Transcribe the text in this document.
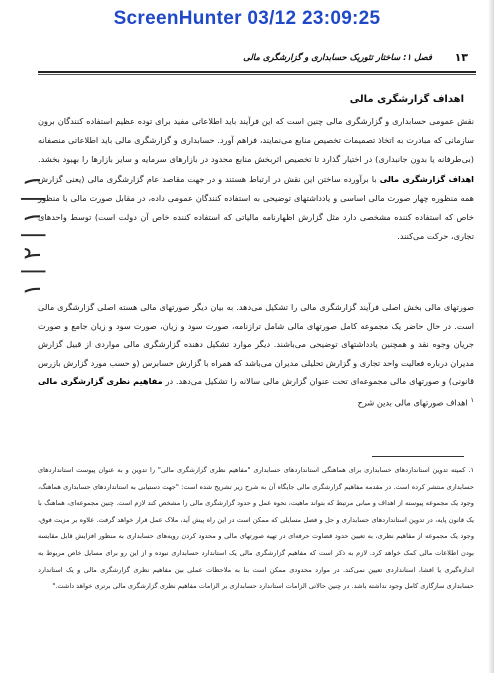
ScreenHunter 03/12 23:09:25
۱۳
فصل ۱: ساختار تئوریک حسابداری و گزارشگری مالی
اهداف گزارشگری مالی
نقش عمومی حسابداری و گزارشگری مالی چنین است که این فرآیند باید اطلاعاتی مفید برای توده عظیم استفاده کنندگان برون سازمانی که مبادرت به اتخاذ تصمیمات تخصیص منابع می‌نمایند، فراهم آورد. حسابداری و گزارشگری مالی باید اطلاعاتی منصفانه (بی‌طرفانه یا بدون جانبداری) در اختیار گذارد تا تخصیص اثربخش منابع محدود در بازارهای سرمایه و سایر بازارها را بهبود بخشد. اهداف گزارشگری مالی با برآورده ساختن این نقش در ارتباط هستند و در جهت مقاصد عام گزارشگری مالی (یعنی گزارش همه منظوره چهار صورت مالی اساسی و یادداشتهای توضیحی به استفاده کنندگان عمومی داده، در مقابل صورت مالی با منظور خاص که استفاده کننده مشخصی دارد مثل گزارش اظهارنامه مالیاتی که استفاده کننده خاص آن دولت است) توسط واحدهای تجاری، حرکت می‌کنند.
صورتهای مالی بخش اصلی فرآیند گزارشگری مالی را تشکیل می‌دهد. به بیان دیگر صورتهای مالی هسته اصلی گزارشگری مالی است. در حال حاضر یک مجموعه کامل صورتهای مالی شامل ترازنامه، صورت سود و زیان، صورت سود و زیان جامع و صورت جریان وجوه نقد و همچنین یادداشتهای توضیحی می‌باشند. دیگر موارد تشکیل دهنده گزارشگری مالی مواردی از قبیل گزارش مدیران درباره فعالیت واحد تجاری و گزارش تحلیلی مدیران می‌باشد که همراه با گزارش حسابرس (و حسب مورد گزارش بازرس قانونی) و صورتهای مالی مجموعه‌ای تحت عنوان گزارش مالی سالانه را تشکیل می‌دهد. در مفاهیم نظری گزارشگری مالی $^۱$ اهداف صورتهای مالی بدین شرح
۱. کمیته تدوین استانداردهای حسابداری برای هماهنگی استانداردهای حسابداری "مفاهیم نظری گزارشگری مالی" را تدوین و به عنوان پیوست استانداردهای حسابداری منتشر کرده است. در مقدمه مفاهیم گزارشگری مالی جایگاه آن به شرح زیر تشریح شده است: "جهت دستیابی به استانداردهای حسابداری هماهنگ، وجود یک مجموعه پیوسته از اهداف و مبانی مرتبط که بتواند ماهیت، نحوه عمل و حدود گزارشگری مالی را مشخص کند لازم است. چنین مجموعه‌ای، هماهنگ با یک قانون پایه، در تدوین استانداردهای حسابداری و حل و فصل مسایلی که ممکن است در این راه پیش آید، ملاک عمل قرار خواهد گرفت. علاوه بر مزیت فوق، وجود یک مجموعه از مفاهیم نظری، به تعیین حدود قضاوت حرفه‌ای در تهیه صورتهای مالی و محدود کردن رویه‌های حسابداری به منظور افزایش قابل مقایسه بودن اطلاعات مالی کمک خواهد کرد. لازم به ذکر است که مفاهیم گزارشگری مالی یک استاندارد حسابداری نبوده و از این رو برای مسایل خاص مربوط به اندازه‌گیری یا افشا، استانداردی تعیین نمی‌کند. در موارد محدودی ممکن است بنا به ملاحظات عملی بین مفاهیم نظری گزارشگری مالی و یک استاندارد حسابداری سازگاری کامل وجود نداشته باشد. در چنین حالاتی الزامات استاندارد حسابداری بر الزامات مفاهیم نظری گزارشگری مالی برتری خواهد داشت."
۱ | ۲ | ۱ | ۱
